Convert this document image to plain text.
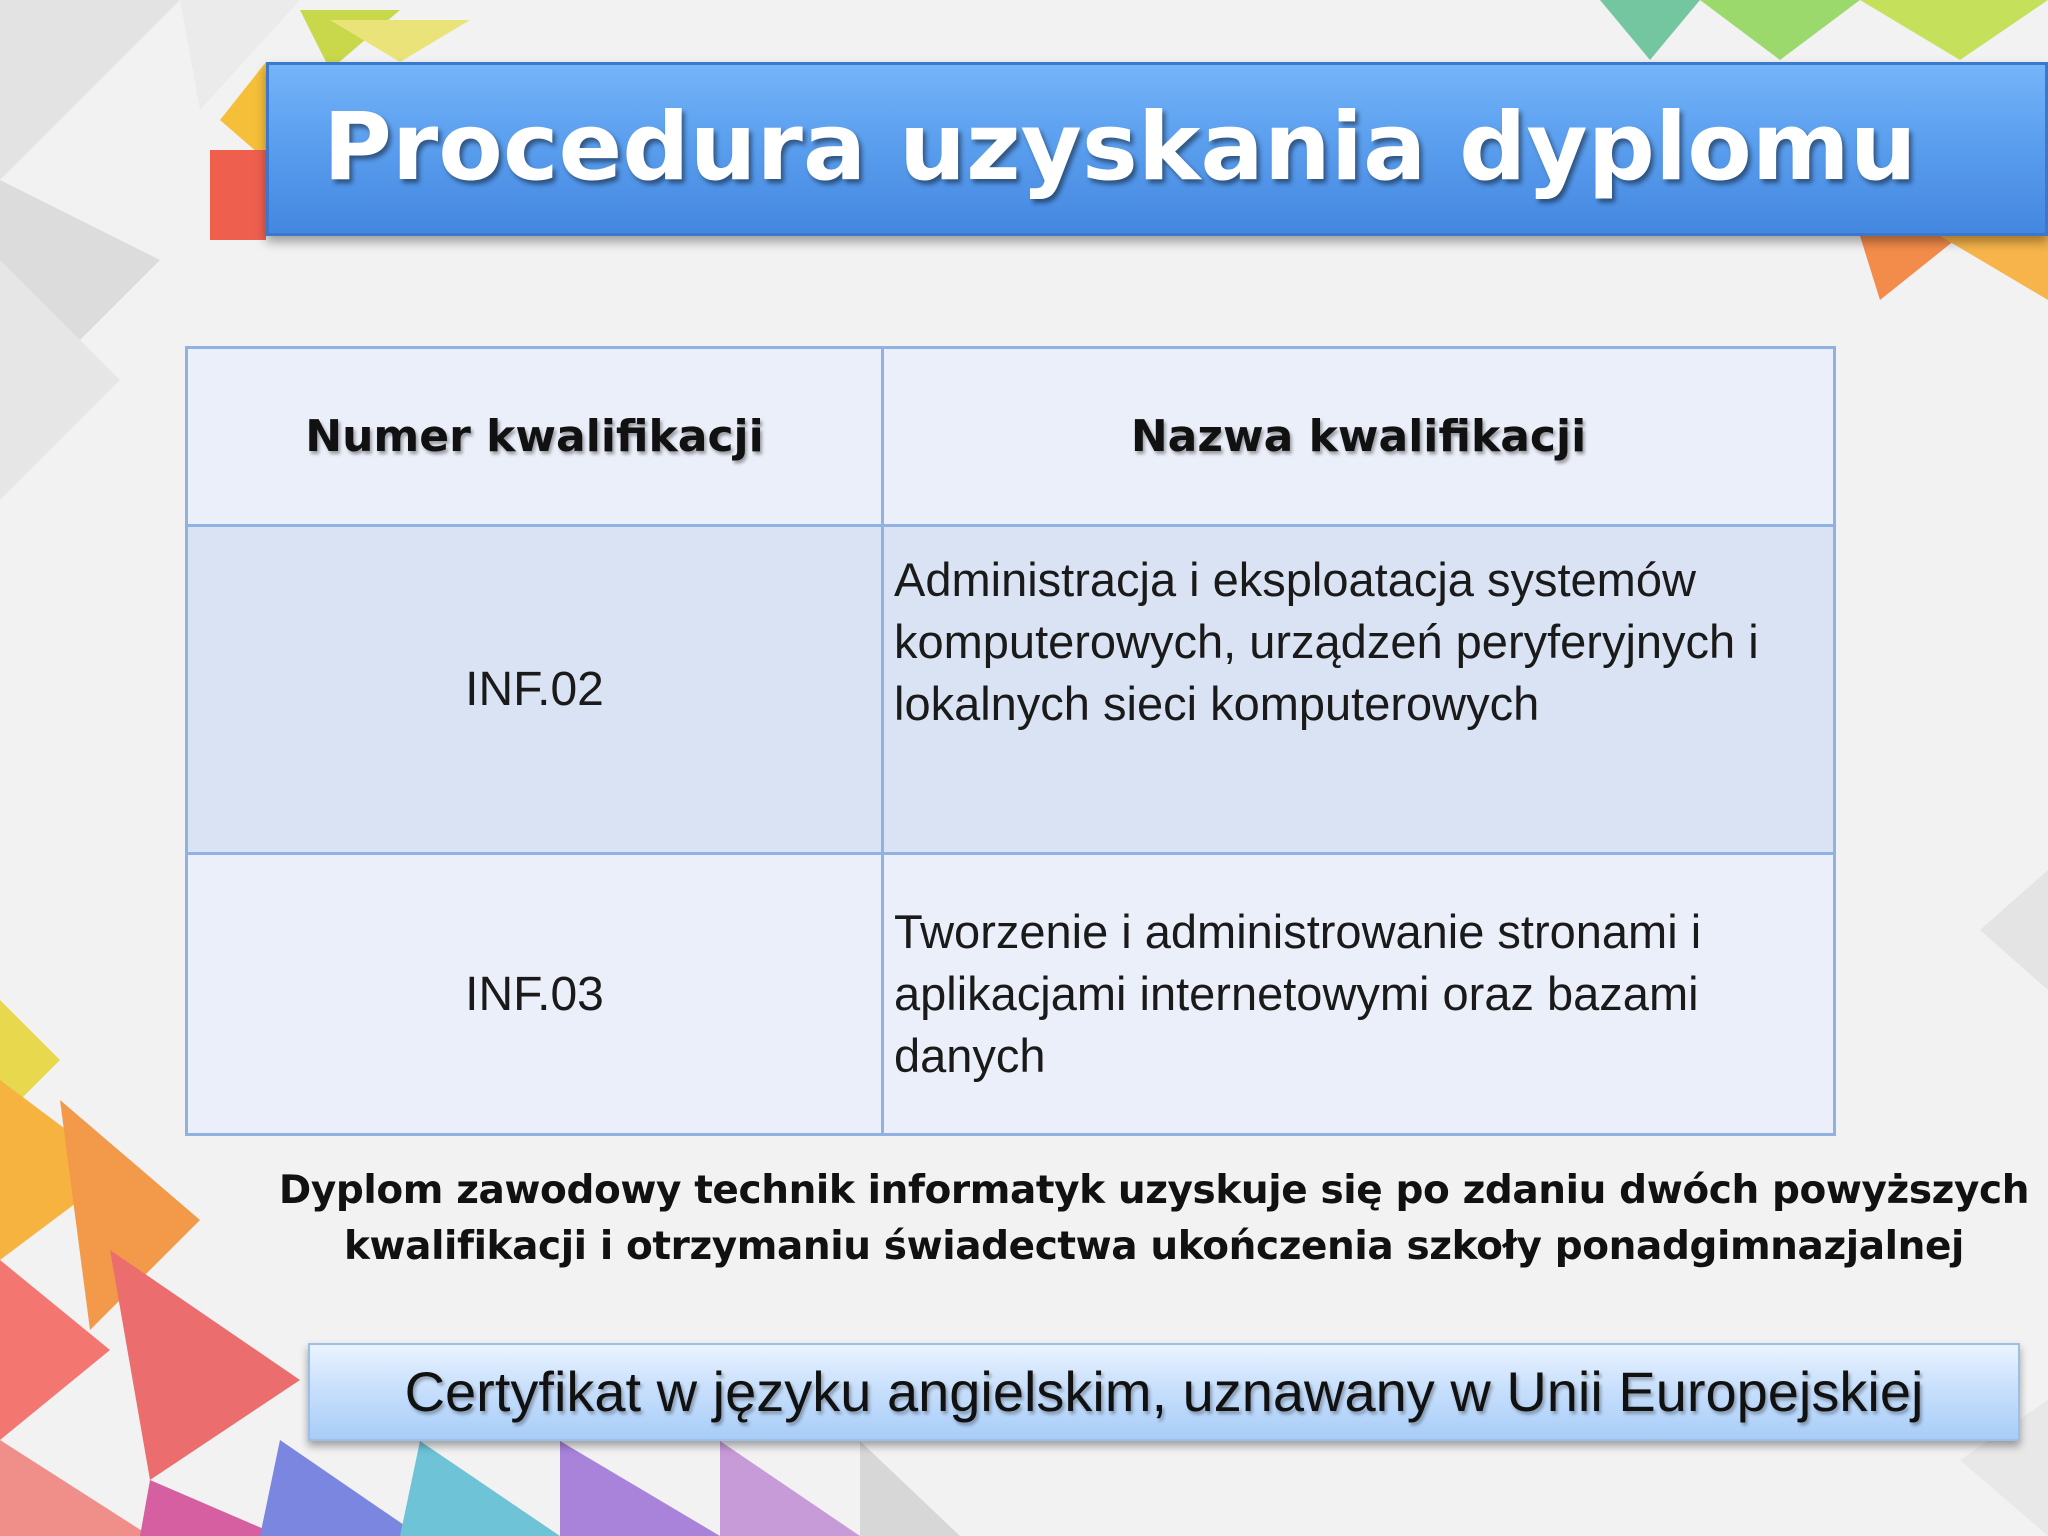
Procedura uzyskania dyplomu
Numer kwalifikacji	Nazwa kwalifikacji
INF.02	Administracja i eksploatacja systemów komputerowych, urządzeń peryferyjnych i lokalnych sieci komputerowych
INF.03	Tworzenie i administrowanie stronami i aplikacjami internetowymi oraz bazami danych
Dyplom zawodowy technik informatyk uzyskuje się po zdaniu dwóch powyższych
kwalifikacji i otrzymaniu świadectwa ukończenia szkoły ponadgimnazjalnej
Certyfikat w języku angielskim, uznawany w Unii Europejskiej
